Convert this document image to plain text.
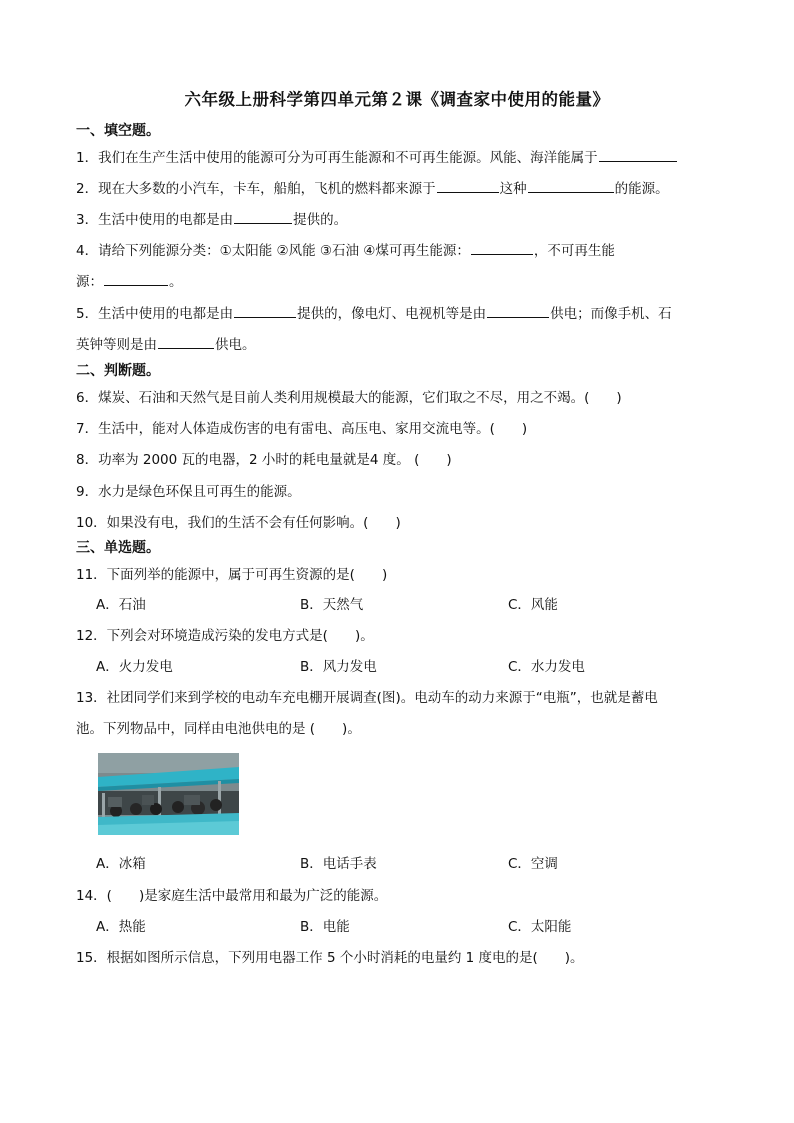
六年级上册科学第四单元第２课《调查家中使用的能量》
一、填空题。
1．我们在生产生活中使用的能源可分为可再生能源和不可再生能源。风能、海洋能属于
2．现在大多数的小汽车，卡车，船舶，飞机的燃料都来源于	这种	的能源。
3．生活中使用的电都是由	提供的。
4．请给下列能源分类：①太阳能 ②风能 ③石油 ④煤可再生能源：	，不可再生能
源：	。
5．生活中使用的电都是由	提供的，像电灯、电视机等是由	供电；而像手机、石
英钟等则是由	供电。
二、判断题。
6．煤炭、石油和天然气是目前人类利用规模最大的能源，它们取之不尽，用之不竭。(　　)
7．生活中，能对人体造成伤害的电有雷电、高压电、家用交流电等。(　　)
8．功率为 2000 瓦的电器，2 小时的耗电量就是4 度。 (　　)
9．水力是绿色环保且可再生的能源。
10．如果没有电，我们的生活不会有任何影响。(　　)
三、单选题。
11．下面列举的能源中，属于可再生资源的是(　　)
A．石油	B．天然气	C．风能
12．下列会对环境造成污染的发电方式是(　　)。
A．火力发电	B．风力发电	C．水力发电
13．社团同学们来到学校的电动车充电棚开展调查(图)。电动车的动力来源于“电瓶”，也就是蓄电
池。下列物品中，同样由电池供电的是 (　　)。
A．冰箱	B．电话手表	C．空调
14．(　　)是家庭生活中最常用和最为广泛的能源。
A．热能	B．电能	C．太阳能
15．根据如图所示信息，下列用电器工作 5 个小时消耗的电量约 1 度电的是(　　)。
